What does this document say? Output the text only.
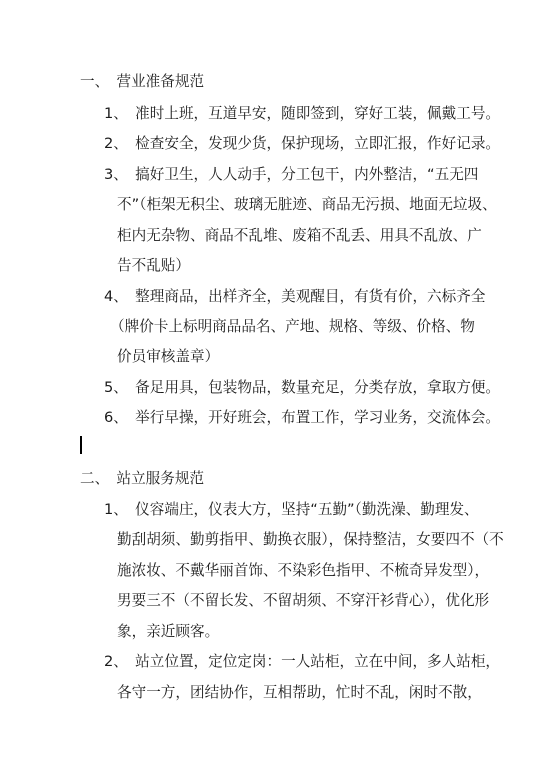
一、　营业准备规范
1、　准时上班，互道早安，随即签到，穿好工装，佩戴工号。
2、　检查安全，发现少货，保护现场，立即汇报，作好记录。
3、　搞好卫生，人人动手，分工包干，内外整洁，“五无四
不”（柜架无积尘、玻璃无脏迹、商品无污损、地面无垃圾、
柜内无杂物、商品不乱堆、废箱不乱丢、用具不乱放、广
告不乱贴）
4、　整理商品，出样齐全，美观醒目，有货有价，六标齐全
（牌价卡上标明商品品名、产地、规格、等级、价格、物
价员审核盖章）
5、　备足用具，包装物品，数量充足，分类存放，拿取方便。
6、　举行早操，开好班会，布置工作，学习业务，交流体会。
二、　站立服务规范
1、　仪容端庄，仪表大方，坚持“五勤”（勤洗澡、勤理发、
勤刮胡须、勤剪指甲、勤换衣服），保持整洁，女要四不（不
施浓妆、不戴华丽首饰、不染彩色指甲、不梳奇异发型），
男要三不（不留长发、不留胡须、不穿汗衫背心），优化形
象，亲近顾客。
2、　站立位置，定位定岗：一人站柜，立在中间，多人站柜，
各守一方，团结协作，互相帮助，忙时不乱，闲时不散，
